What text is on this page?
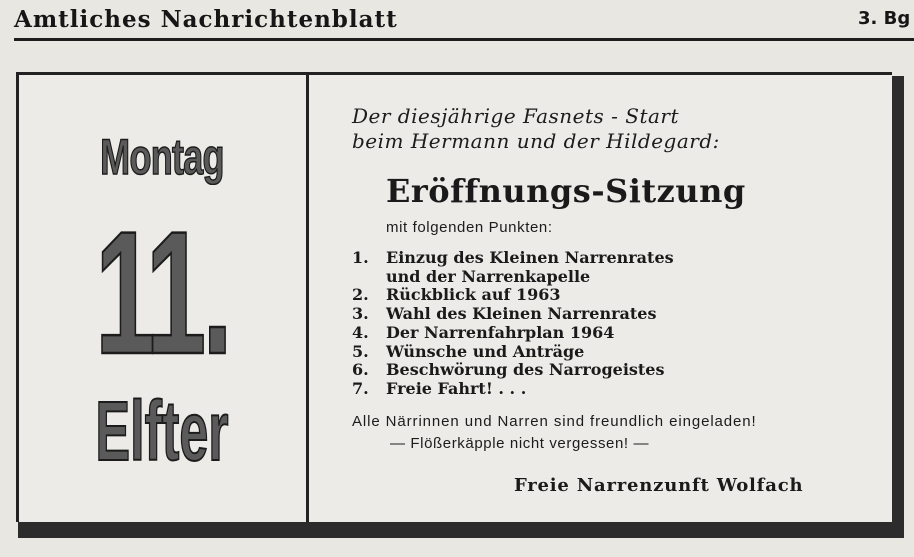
Amtliches Nachrichtenblatt	3. Bg
Montag
11.
Elfter
Der diesjährige Fasnets - Start
beim Hermann und der Hildegard:
Eröffnungs-Sitzung
mit folgenden Punkten:
1.	Einzug des Kleinen Narrenrates
und der Narrenkapelle
2.	Rückblick auf 1963
3.	Wahl des Kleinen Narrenrates
4.	Der Narrenfahrplan 1964
5.	Wünsche und Anträge
6.	Beschwörung des Narrogeistes
7.	Freie Fahrt! . . .
Alle Närrinnen und Narren sind freundlich eingeladen!
— Flößerkäpple nicht vergessen! —
Freie Narrenzunft Wolfach
